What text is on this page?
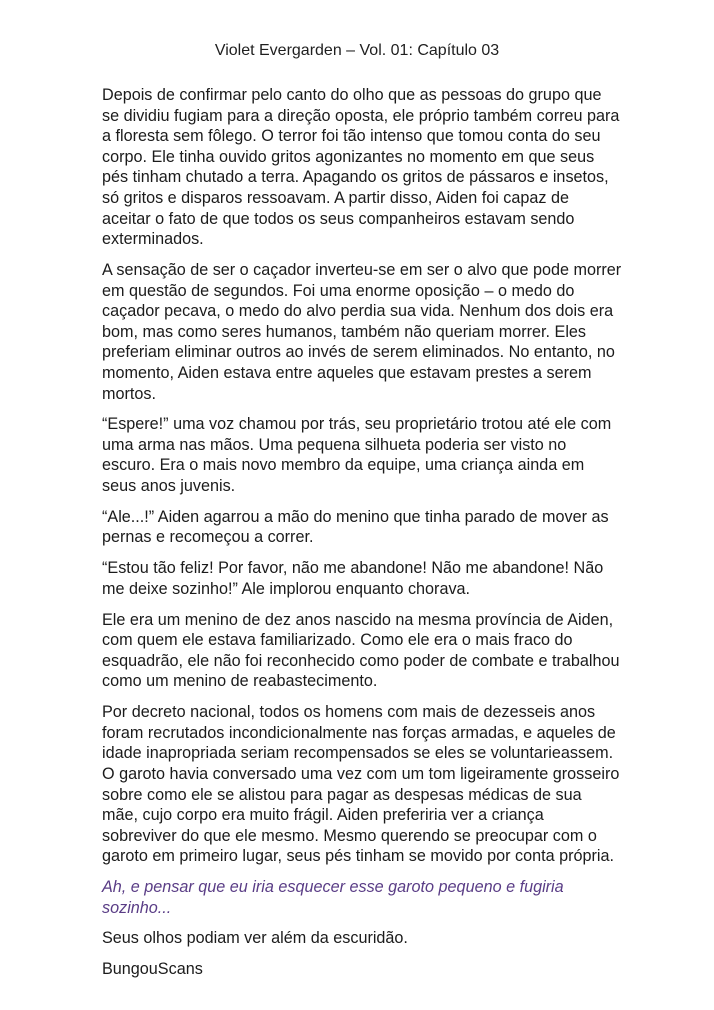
Violet Evergarden – Vol. 01: Capítulo 03

Depois de confirmar pelo canto do olho que as pessoas do grupo que se dividiu fugiam para a direção oposta, ele próprio também correu para a floresta sem fôlego. O terror foi tão intenso que tomou conta do seu corpo. Ele tinha ouvido gritos agonizantes no momento em que seus pés tinham chutado a terra. Apagando os gritos de pássaros e insetos, só gritos e disparos ressoavam. A partir disso, Aiden foi capaz de aceitar o fato de que todos os seus companheiros estavam sendo exterminados.

A sensação de ser o caçador inverteu-se em ser o alvo que pode morrer em questão de segundos. Foi uma enorme oposição – o medo do caçador pecava, o medo do alvo perdia sua vida. Nenhum dos dois era bom, mas como seres humanos, também não queriam morrer. Eles preferiam eliminar outros ao invés de serem eliminados. No entanto, no momento, Aiden estava entre aqueles que estavam prestes a serem mortos.

“Espere!” uma voz chamou por trás, seu proprietário trotou até ele com uma arma nas mãos. Uma pequena silhueta poderia ser visto no escuro. Era o mais novo membro da equipe, uma criança ainda em seus anos juvenis.

“Ale...!” Aiden agarrou a mão do menino que tinha parado de mover as pernas e recomeçou a correr.

“Estou tão feliz! Por favor, não me abandone! Não me abandone! Não me deixe sozinho!” Ale implorou enquanto chorava.

Ele era um menino de dez anos nascido na mesma província de Aiden, com quem ele estava familiarizado. Como ele era o mais fraco do esquadrão, ele não foi reconhecido como poder de combate e trabalhou como um menino de reabastecimento.

Por decreto nacional, todos os homens com mais de dezesseis anos foram recrutados incondicionalmente nas forças armadas, e aqueles de idade inapropriada seriam recompensados se eles se voluntarieassem. O garoto havia conversado uma vez com um tom ligeiramente grosseiro sobre como ele se alistou para pagar as despesas médicas de sua mãe, cujo corpo era muito frágil. Aiden preferiria ver a criança sobreviver do que ele mesmo. Mesmo querendo se preocupar com o garoto em primeiro lugar, seus pés tinham se movido por conta própria.

Ah, e pensar que eu iria esquecer esse garoto pequeno e fugiria sozinho...

Seus olhos podiam ver além da escuridão.

BungouScans
